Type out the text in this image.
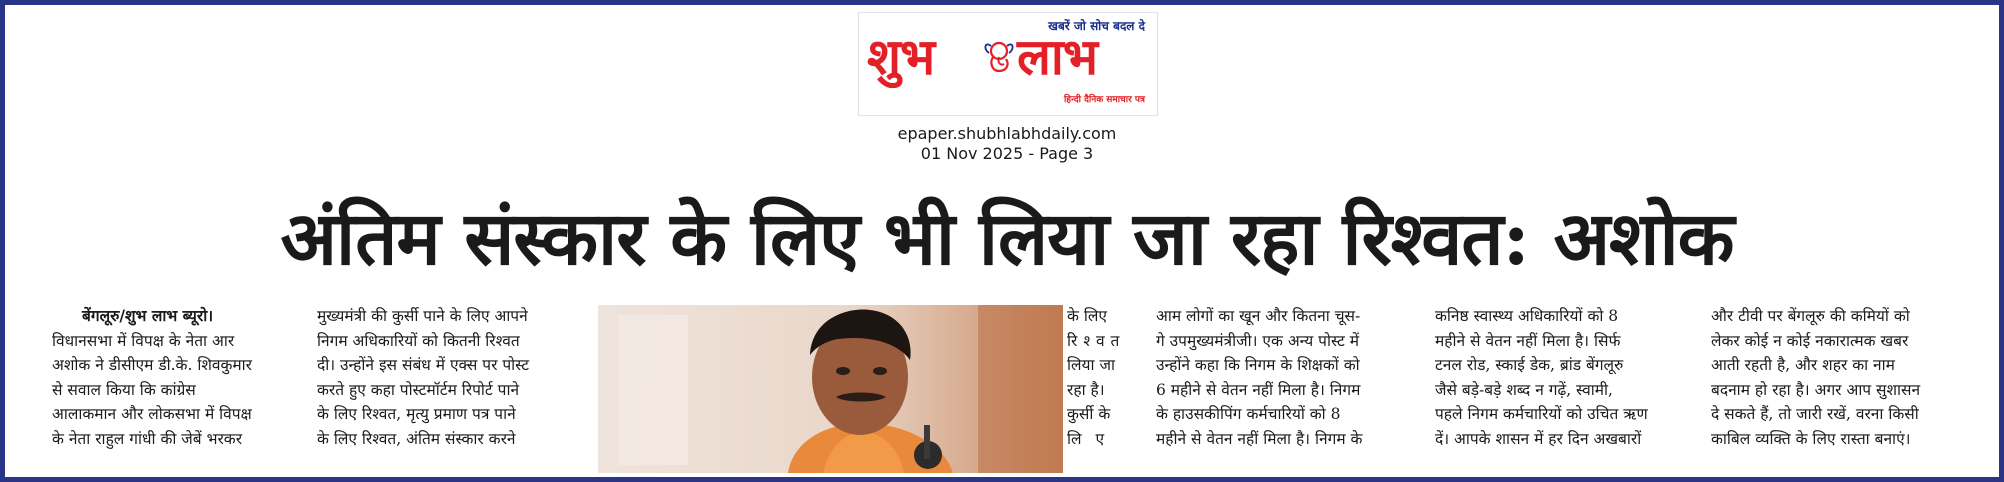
खबरें जो सोच बदल दे
शुभ लाभ
हिन्दी दैनिक समाचार पत्र
epaper.shubhlabhdaily.com
01 Nov 2025 - Page 3
अंतिम संस्कार के लिए भी लिया जा रहा रिश्वत: अशोक
बेंगलूरु/शुभ लाभ ब्यूरो।
विधानसभा में विपक्ष के नेता आर
अशोक ने डीसीएम डी.के. शिवकुमार
से सवाल किया कि कांग्रेस
आलाकमान और लोकसभा में विपक्ष
के नेता राहुल गांधी की जेबें भरकर
मुख्यमंत्री की कुर्सी पाने के लिए आपने
निगम अधिकारियों को कितनी रिश्वत
दी। उन्होंने इस संबंध में एक्स पर पोस्ट
करते हुए कहा पोस्टमॉर्टम रिपोर्ट पाने
के लिए रिश्वत, मृत्यु प्रमाण पत्र पाने
के लिए रिश्वत, अंतिम संस्कार करने
के लिए
रिश्वत
लिया जा
रहा है।
कुर्सी के
लिए
आम लोगों का खून और कितना चूस-
गे उपमुख्यमंत्रीजी। एक अन्य पोस्ट में
उन्होंने कहा कि निगम के शिक्षकों को
6 महीने से वेतन नहीं मिला है। निगम
के हाउसकीपिंग कर्मचारियों को 8
महीने से वेतन नहीं मिला है। निगम के
कनिष्ठ स्वास्थ्य अधिकारियों को 8
महीने से वेतन नहीं मिला है। सिर्फ
टनल रोड, स्काई डेक, ब्रांड बेंगलूरु
जैसे बड़े-बड़े शब्द न गढ़ें, स्वामी,
पहले निगम कर्मचारियों को उचित ऋण
दें। आपके शासन में हर दिन अखबारों
और टीवी पर बेंगलूरु की कमियों को
लेकर कोई न कोई नकारात्मक खबर
आती रहती है, और शहर का नाम
बदनाम हो रहा है। अगर आप सुशासन
दे सकते हैं, तो जारी रखें, वरना किसी
काबिल व्यक्ति के लिए रास्ता बनाएं।
